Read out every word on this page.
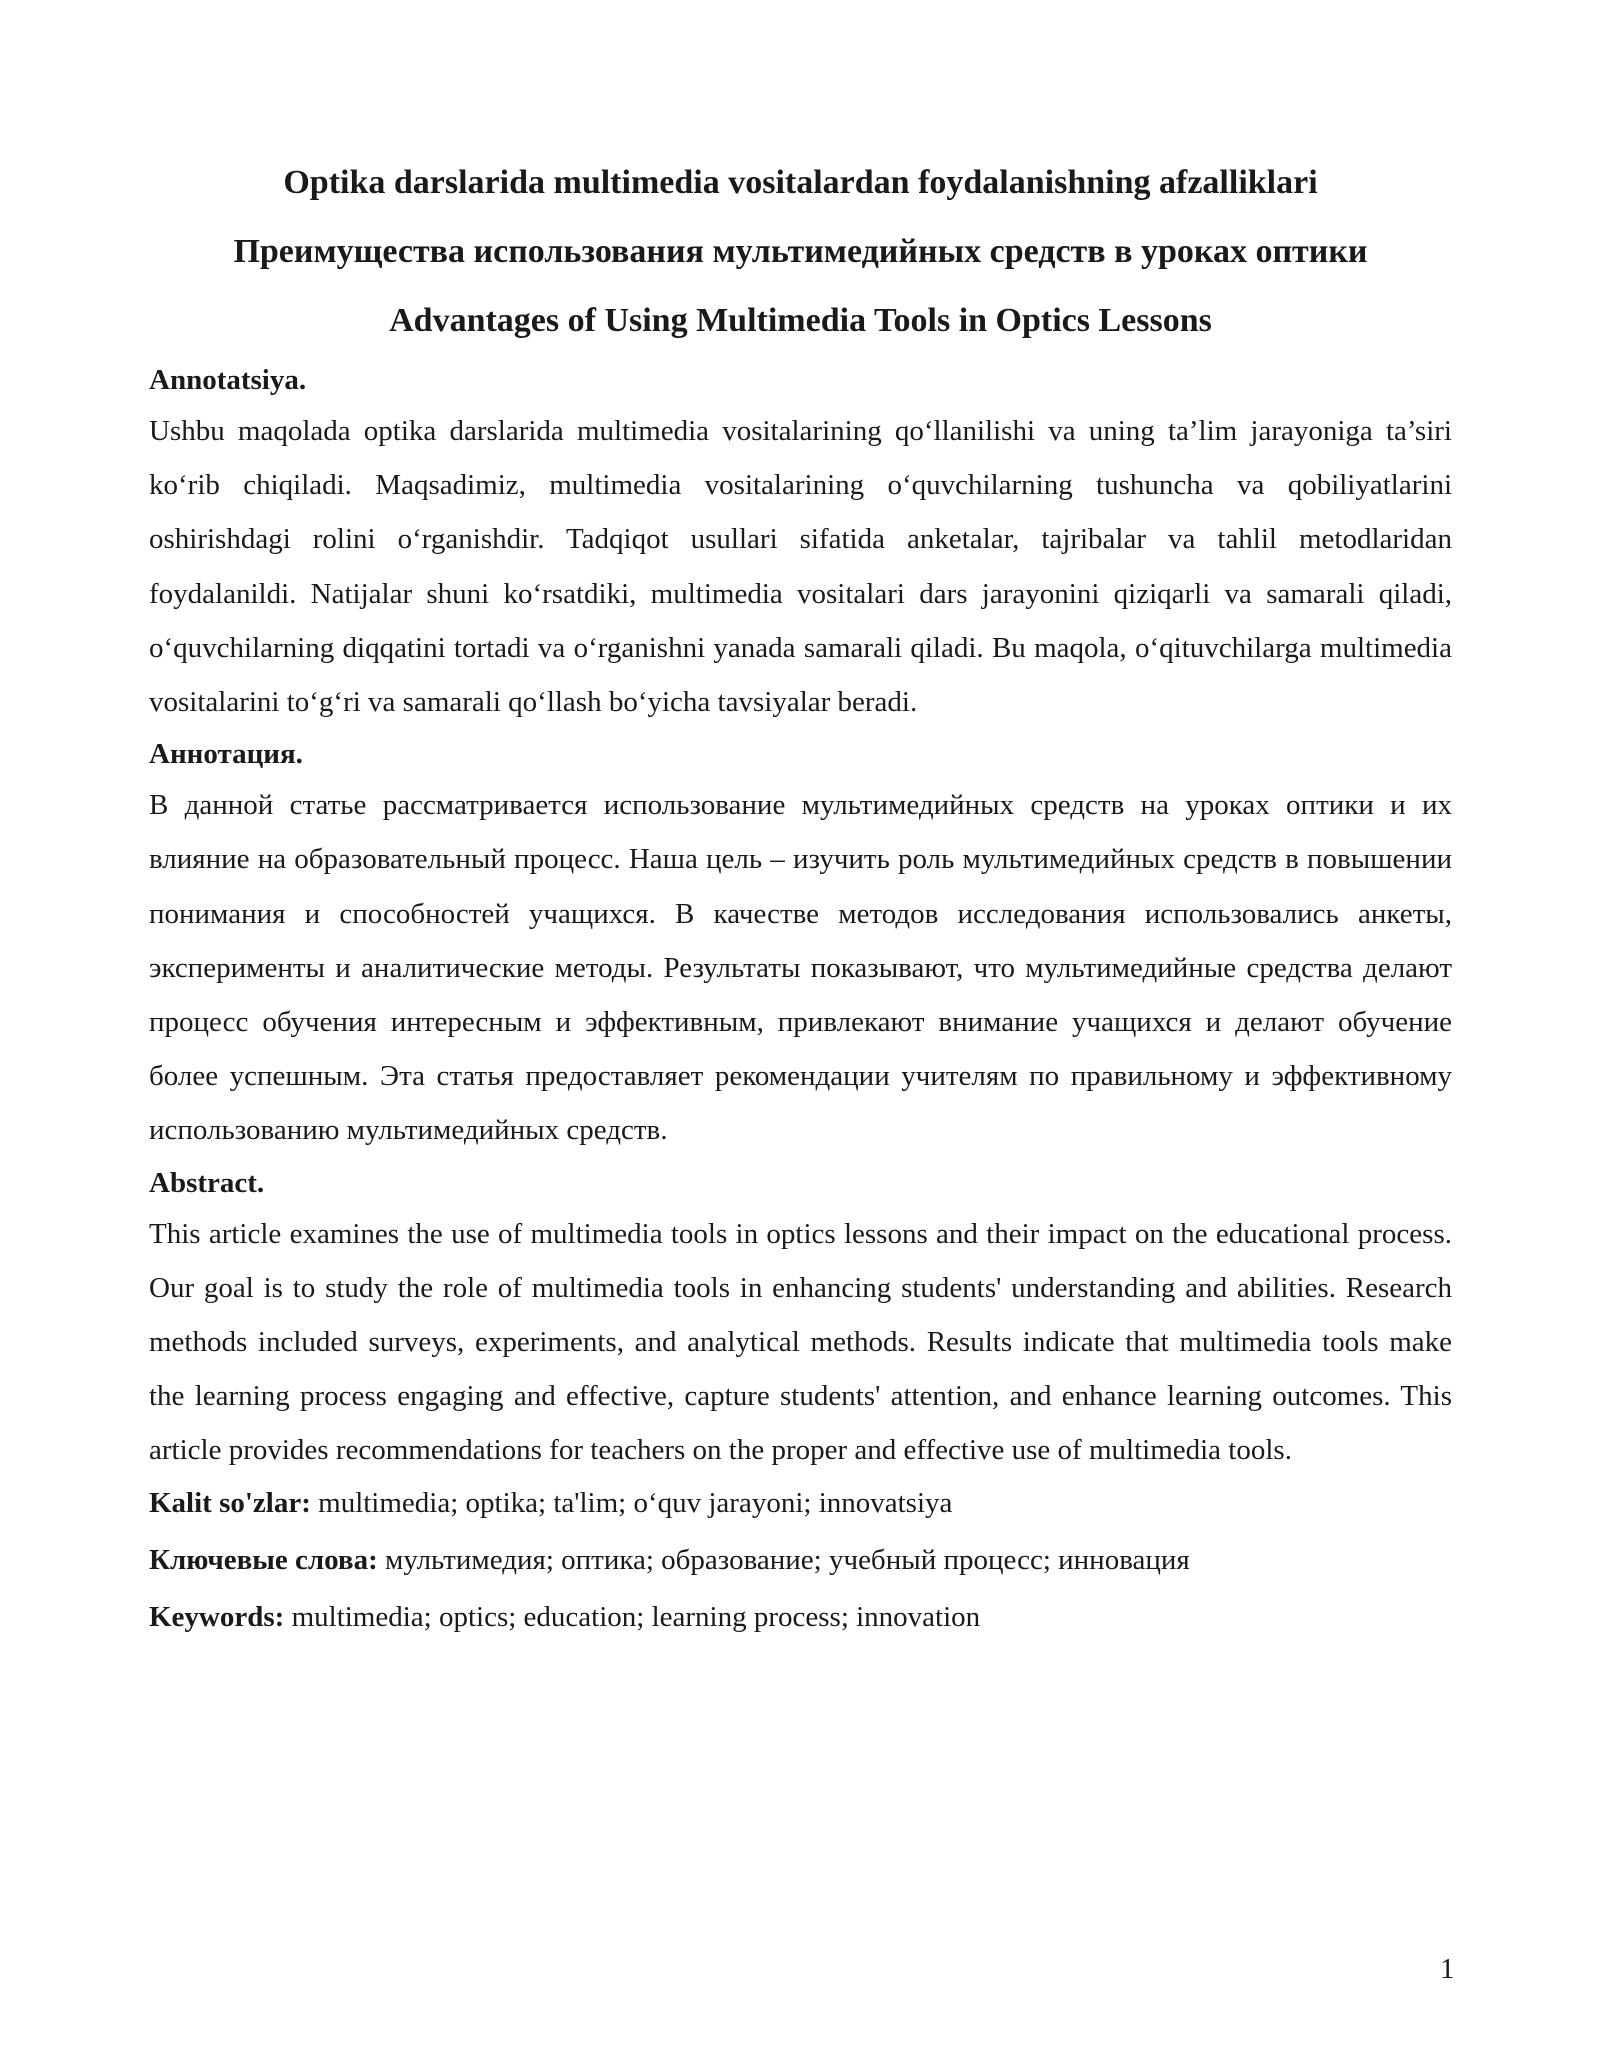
Optika darslarida multimedia vositalardan foydalanishning afzalliklari
Преимущества использования мультимедийных средств в уроках оптики
Advantages of Using Multimedia Tools in Optics Lessons
Annotatsiya.

Ushbu maqolada optika darslarida multimedia vositalarining qo‘llanilishi va uning ta’lim jarayoniga ta’siri ko‘rib chiqiladi. Maqsadimiz, multimedia vositalarining o‘quvchilarning tushuncha va qobiliyatlarini oshirishdagi rolini o‘rganishdir. Tadqiqot usullari sifatida anketalar, tajribalar va tahlil metodlaridan foydalanildi. Natijalar shuni ko‘rsatdiki, multimedia vositalari dars jarayonini qiziqarli va samarali qiladi, o‘quvchilarning diqqatini tortadi va o‘rganishni yanada samarali qiladi. Bu maqola, o‘qituvchilarga multimedia vositalarini to‘g‘ri va samarali qo‘llash bo‘yicha tavsiyalar beradi.

Аннотация.

В данной статье рассматривается использование мультимедийных средств на уроках оптики и их влияние на образовательный процесс. Наша цель – изучить роль мультимедийных средств в повышении понимания и способностей учащихся. В качестве методов исследования использовались анкеты, эксперименты и аналитические методы. Результаты показывают, что мультимедийные средства делают процесс обучения интересным и эффективным, привлекают внимание учащихся и делают обучение более успешным. Эта статья предоставляет рекомендации учителям по правильному и эффективному использованию мультимедийных средств.

Abstract.

This article examines the use of multimedia tools in optics lessons and their impact on the educational process. Our goal is to study the role of multimedia tools in enhancing students' understanding and abilities. Research methods included surveys, experiments, and analytical methods. Results indicate that multimedia tools make the learning process engaging and effective, capture students' attention, and enhance learning outcomes. This article provides recommendations for teachers on the proper and effective use of multimedia tools.

Kalit so'zlar: multimedia; optika; ta'lim; o‘quv jarayoni; innovatsiya

Ключевые слова: мультимедия; оптика; образование; учебный процесс; инновация

Keywords: multimedia; optics; education; learning process; innovation

1
